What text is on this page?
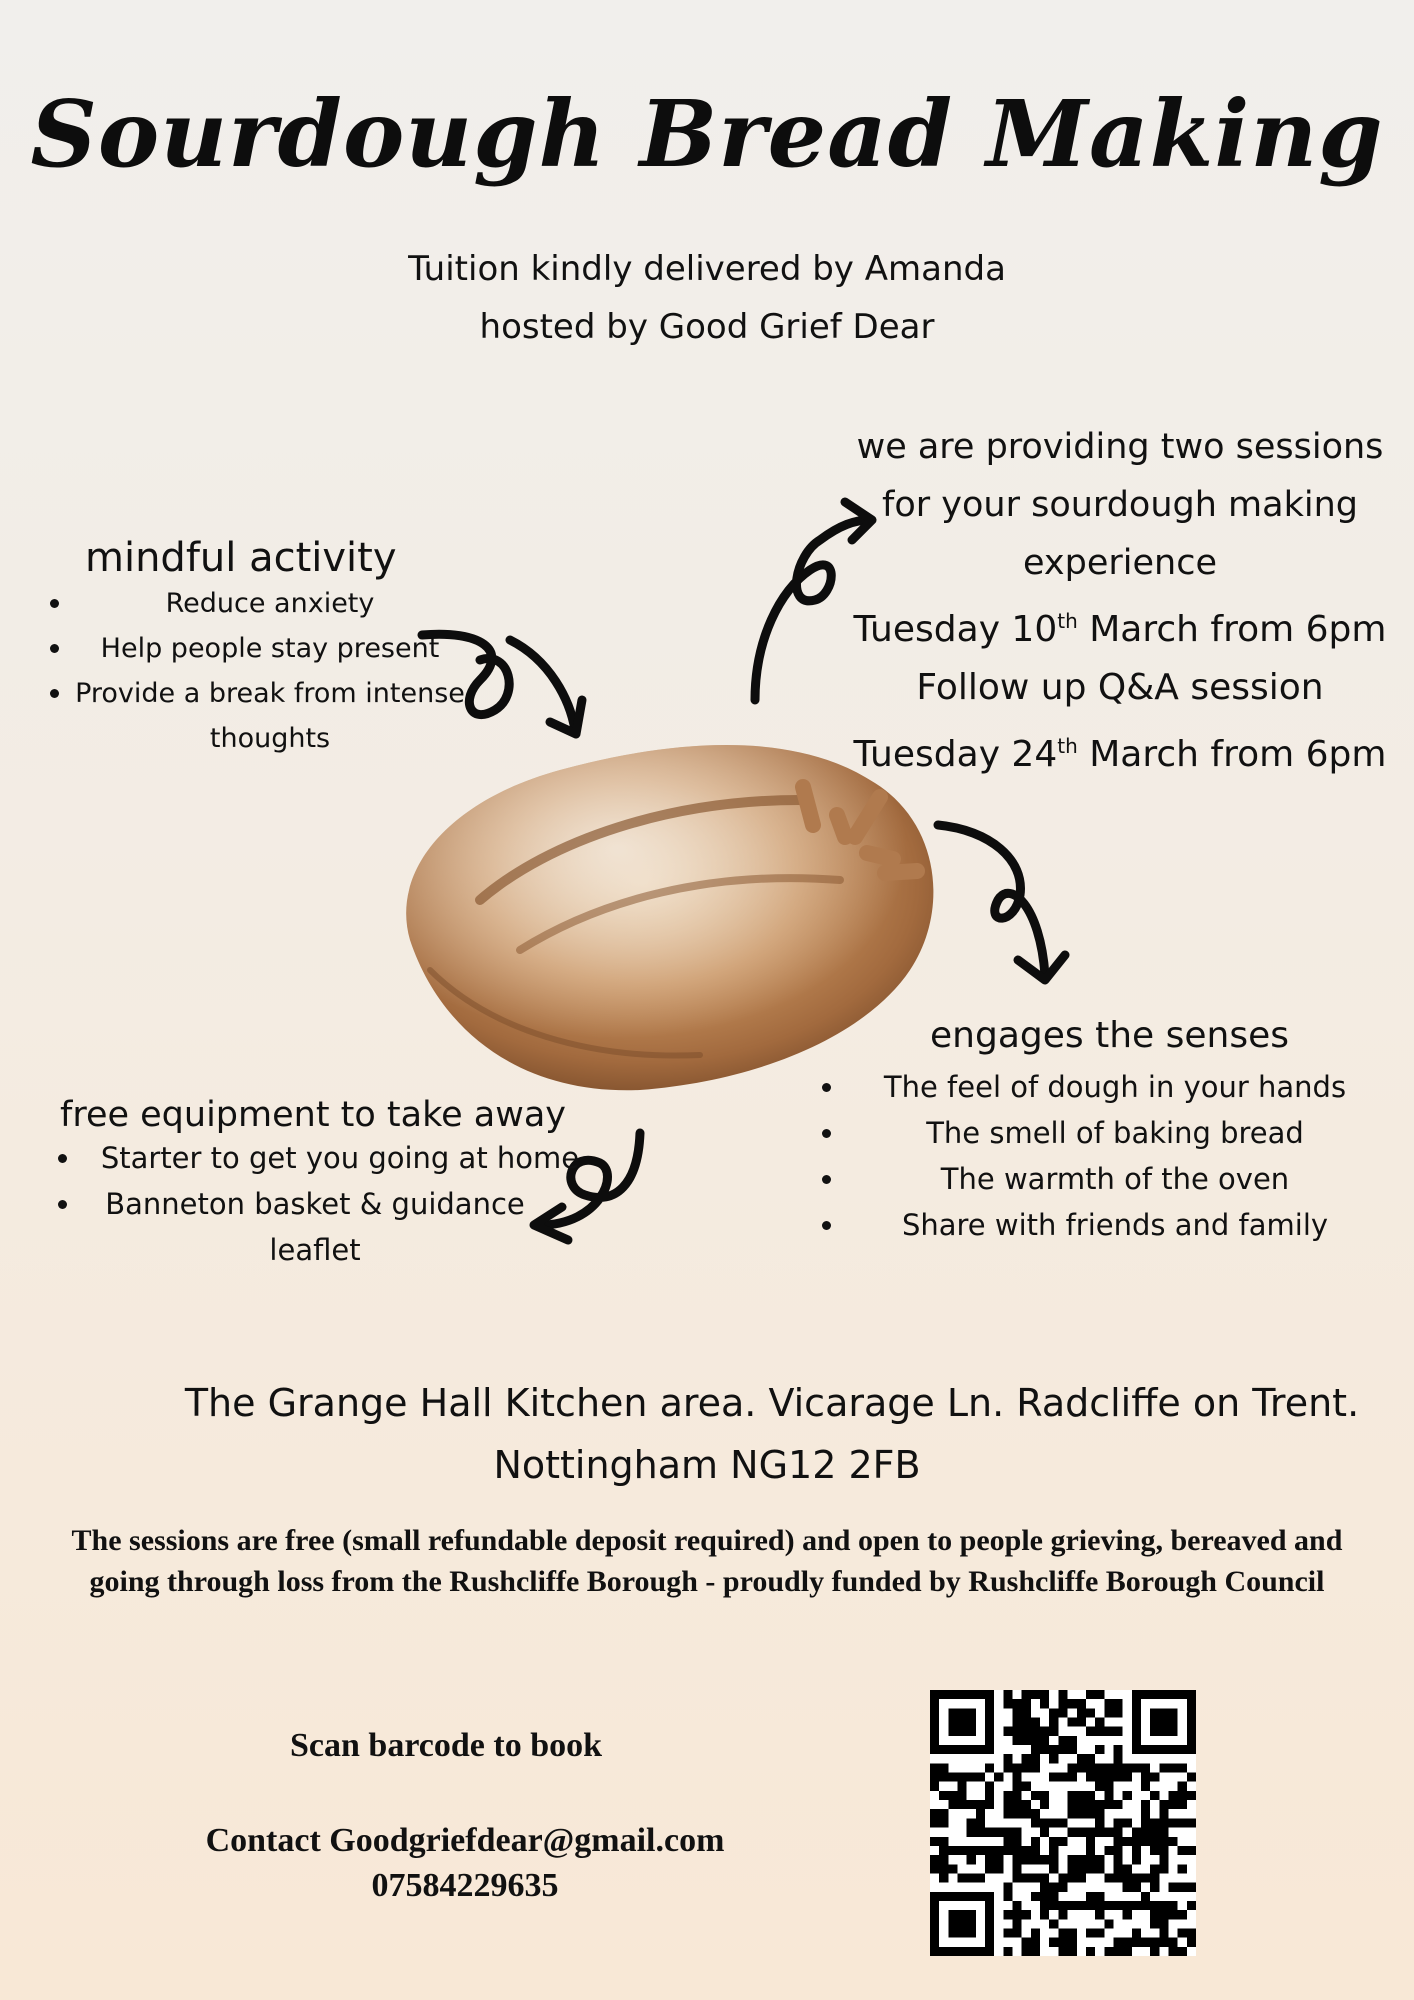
Sourdough Bread Making
Tuition kindly delivered by Amanda
hosted by Good Grief Dear
we are providing two sessions
for your sourdough making
experience
Tuesday 10th March from 6pm
Follow up Q&A session
Tuesday 24th March from 6pm
mindful activity
Reduce anxiety
Help people stay present
Provide a break from intense thoughts
free equipment to take away
Starter to get you going at home
Banneton basket & guidance leaflet
engages the senses
The feel of dough in your hands
The smell of baking bread
The warmth of the oven
Share with friends and family
The Grange Hall Kitchen area. Vicarage Ln. Radcliffe on Trent.
Nottingham NG12 2FB
The sessions are free (small refundable deposit required) and open to people grieving, bereaved and going through loss from the Rushcliffe Borough - proudly funded by Rushcliffe Borough Council
Scan barcode to book
Contact Goodgriefdear@gmail.com
07584229635
